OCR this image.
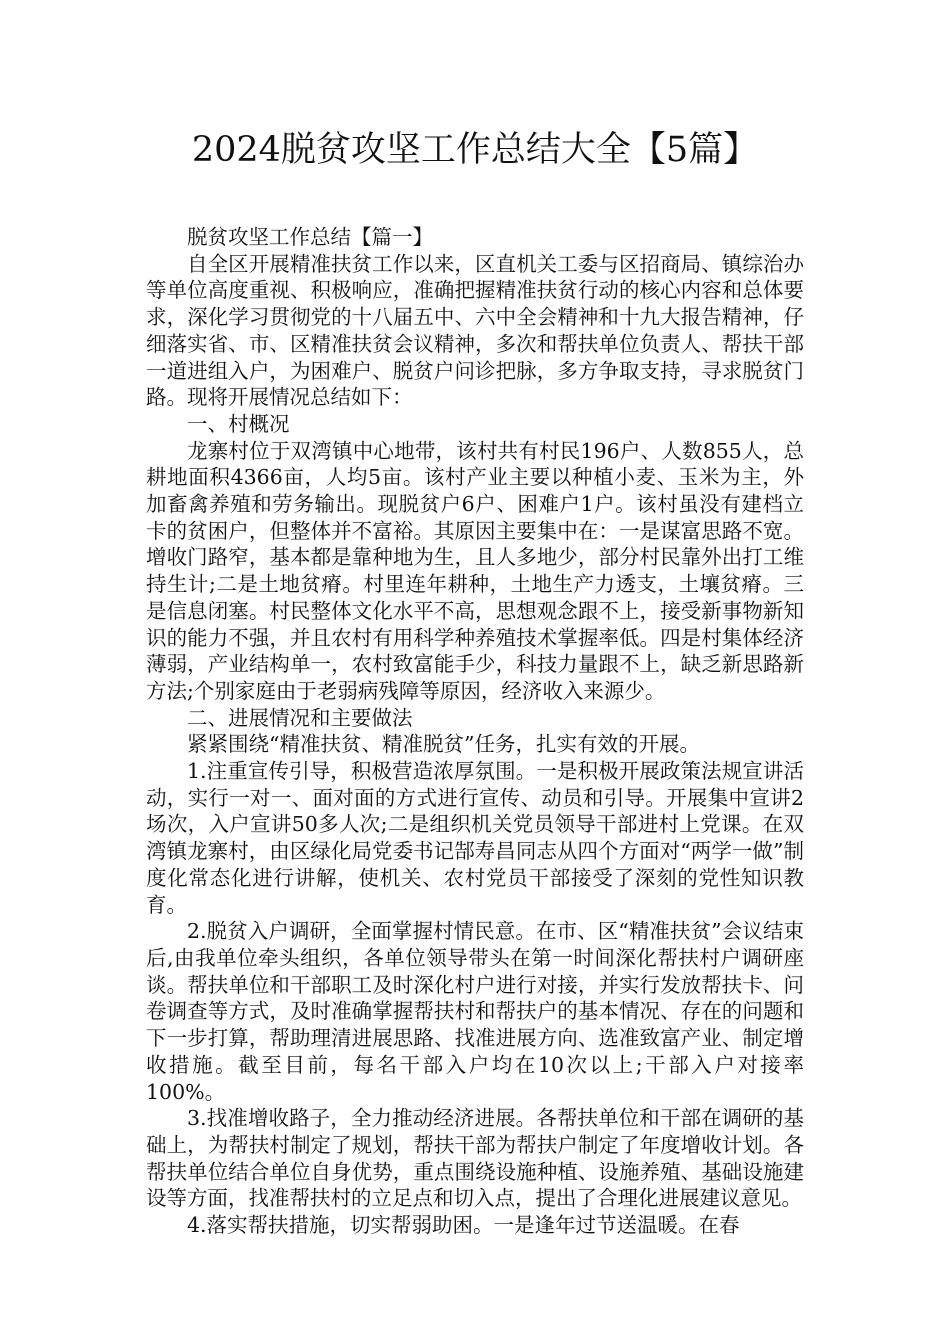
2024脱贫攻坚工作总结大全【5篇】

脱贫攻坚工作总结【篇一】

自全区开展精准扶贫工作以来，区直机关工委与区招商局、镇综治办等单位高度重视、积极响应，准确把握精准扶贫行动的核心内容和总体要求，深化学习贯彻党的十八届五中、六中全会精神和十九大报告精神，仔细落实省、市、区精准扶贫会议精神，多次和帮扶单位负责人、帮扶干部一道进组入户，为困难户、脱贫户问诊把脉，多方争取支持，寻求脱贫门路。现将开展情况总结如下：

一、村概况

龙寨村位于双湾镇中心地带，该村共有村民196户、人数855人，总耕地面积4366亩，人均5亩。该村产业主要以种植小麦、玉米为主，外加畜禽养殖和劳务输出。现脱贫户6户、困难户1户。该村虽没有建档立卡的贫困户，但整体并不富裕。其原因主要集中在：一是谋富思路不宽。增收门路窄，基本都是靠种地为生，且人多地少，部分村民靠外出打工维持生计;二是土地贫瘠。村里连年耕种，土地生产力透支，土壤贫瘠。三是信息闭塞。村民整体文化水平不高，思想观念跟不上，接受新事物新知识的能力不强，并且农村有用科学种养殖技术掌握率低。四是村集体经济薄弱，产业结构单一，农村致富能手少，科技力量跟不上，缺乏新思路新方法;个别家庭由于老弱病残障等原因，经济收入来源少。

二、进展情况和主要做法

紧紧围绕“精准扶贫、精准脱贫”任务，扎实有效的开展。

1.注重宣传引导，积极营造浓厚氛围。一是积极开展政策法规宣讲活动，实行一对一、面对面的方式进行宣传、动员和引导。开展集中宣讲2场次，入户宣讲50多人次;二是组织机关党员领导干部进村上党课。在双湾镇龙寨村，由区绿化局党委书记郜寿昌同志从四个方面对“两学一做”制度化常态化进行讲解，使机关、农村党员干部接受了深刻的党性知识教育。

2.脱贫入户调研，全面掌握村情民意。在市、区“精准扶贫”会议结束后,由我单位牵头组织，各单位领导带头在第一时间深化帮扶村户调研座谈。帮扶单位和干部职工及时深化村户进行对接，并实行发放帮扶卡、问卷调查等方式，及时准确掌握帮扶村和帮扶户的基本情况、存在的问题和下一步打算，帮助理清进展思路、找准进展方向、选准致富产业、制定增收措施。截至目前，每名干部入户均在10次以上;干部入户对接率100%。

3.找准增收路子，全力推动经济进展。各帮扶单位和干部在调研的基础上，为帮扶村制定了规划，帮扶干部为帮扶户制定了年度增收计划。各帮扶单位结合单位自身优势，重点围绕设施种植、设施养殖、基础设施建设等方面，找准帮扶村的立足点和切入点，提出了合理化进展建议意见。

4.落实帮扶措施，切实帮弱助困。一是逢年过节送温暖。在春
